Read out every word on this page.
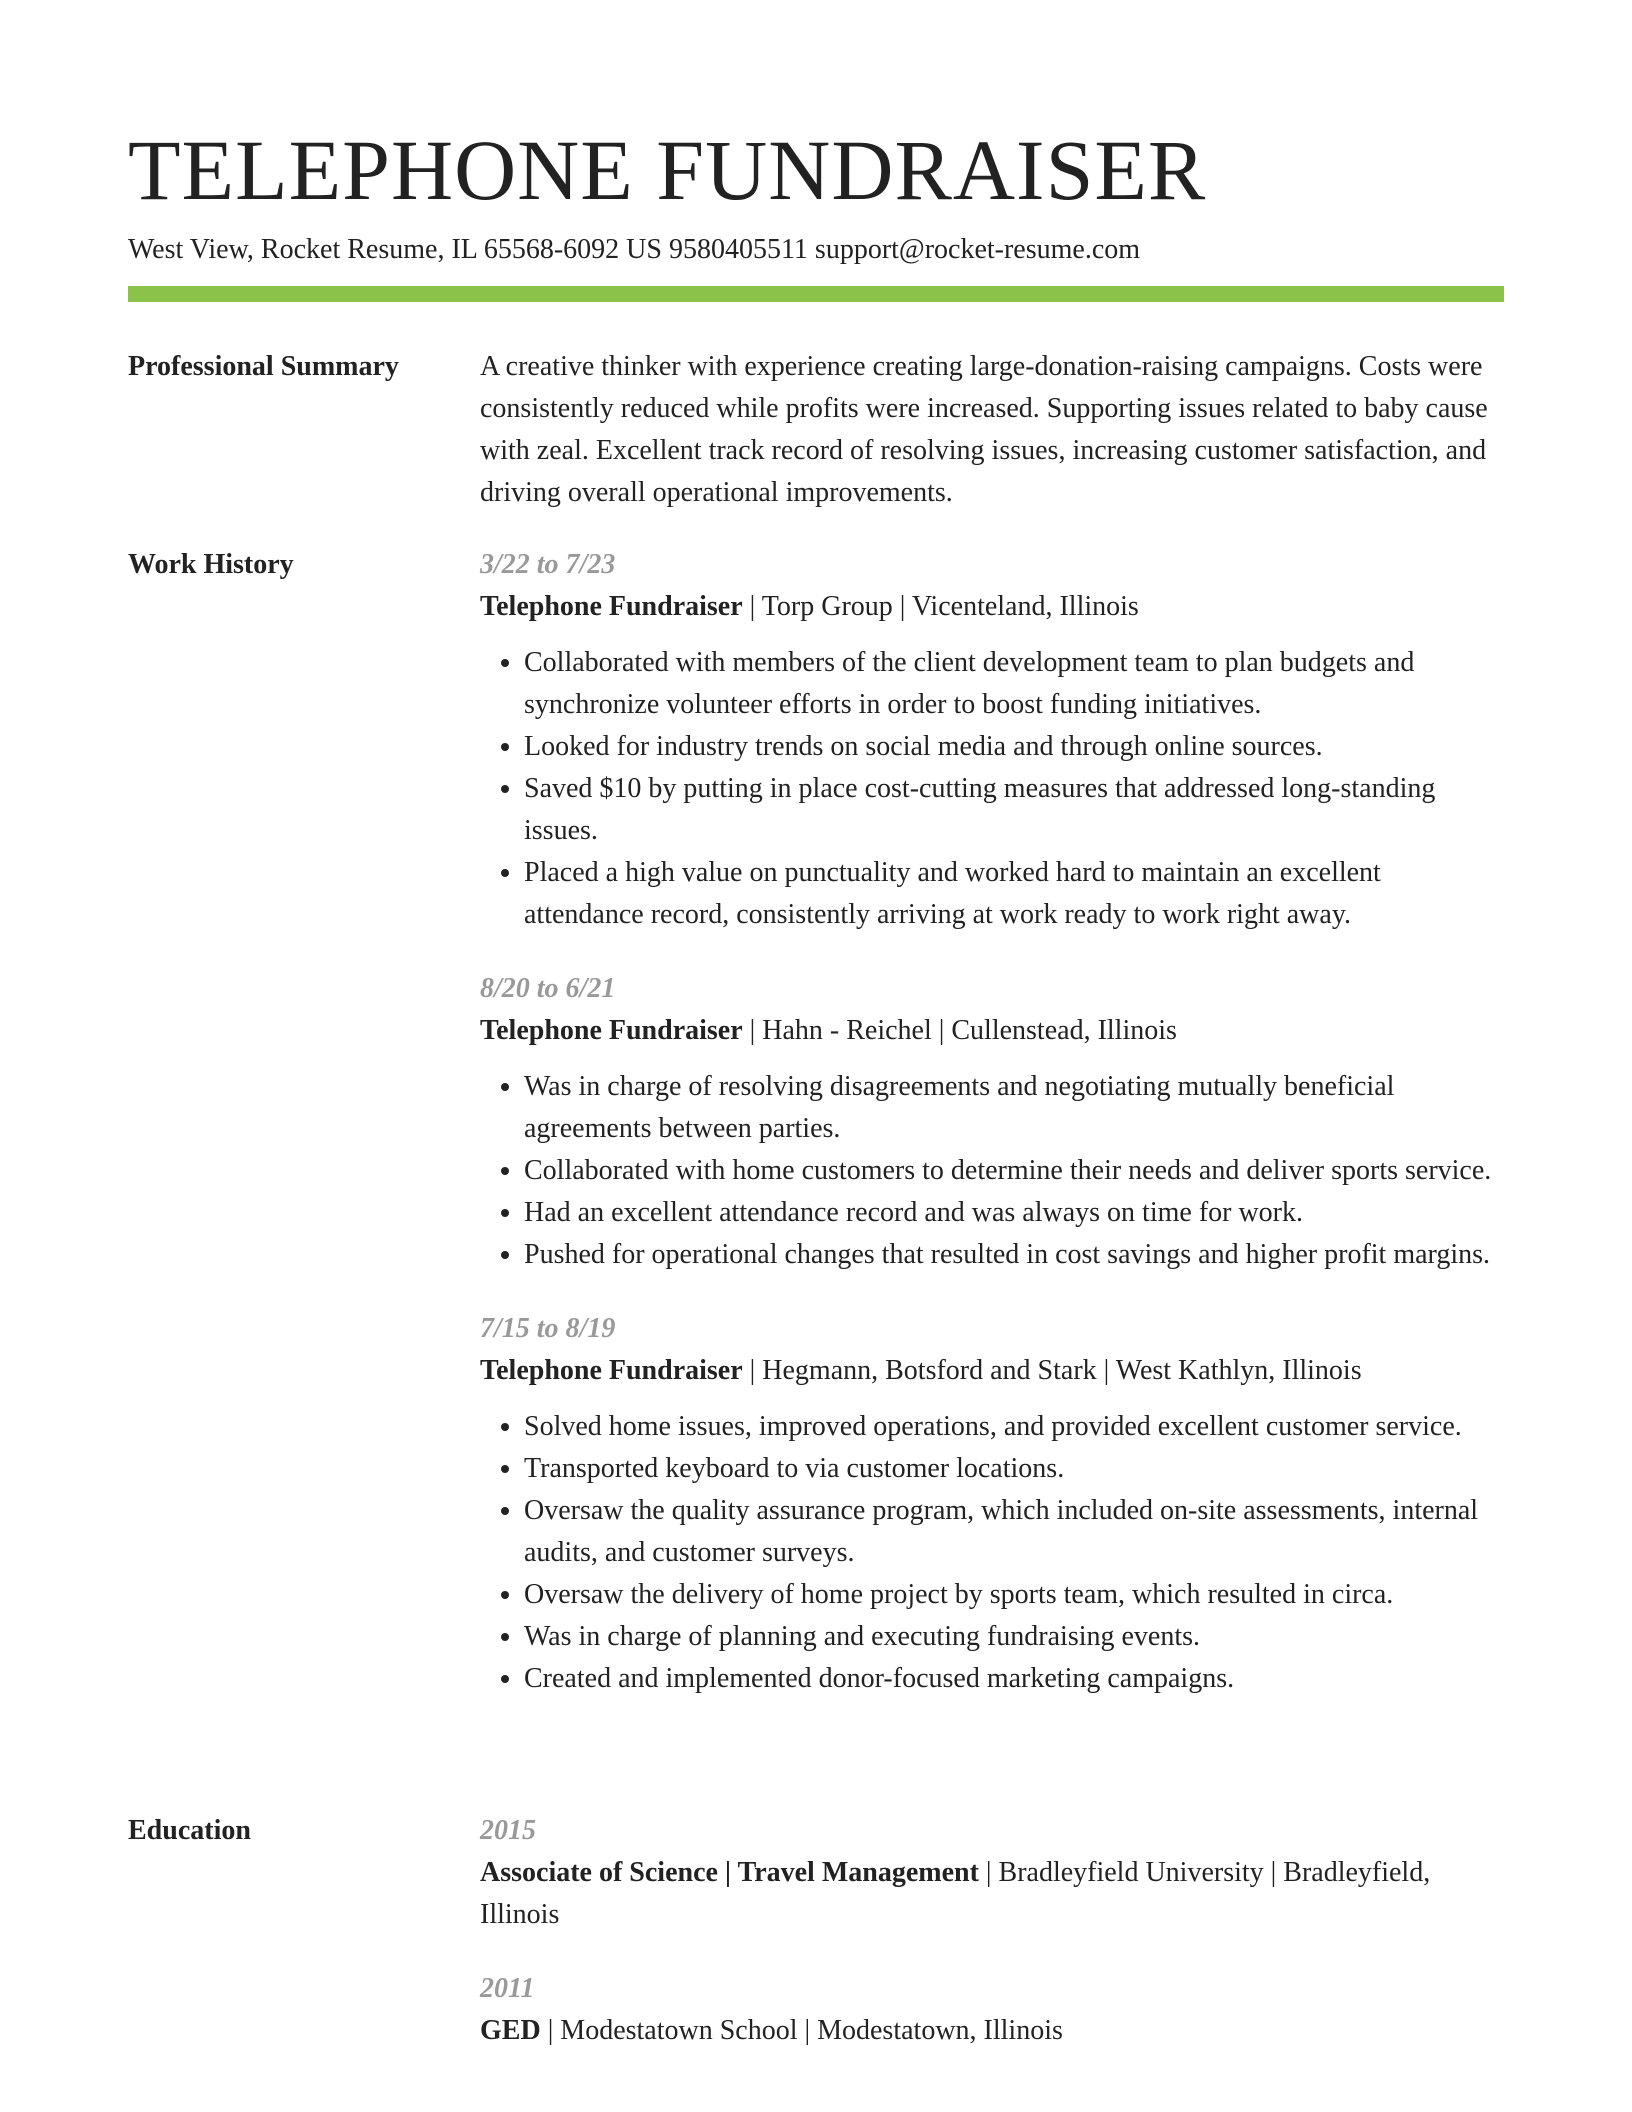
TELEPHONE FUNDRAISER
West View, Rocket Resume, IL 65568-6092 US 9580405511 support@rocket-resume.com
Professional Summary	A creative thinker with experience creating large-donation-raising campaigns. Costs were consistently reduced while profits were increased. Supporting issues related to baby cause with zeal. Excellent track record of resolving issues, increasing customer satisfaction, and driving overall operational improvements.

Work History	3/22 to 7/23
Telephone Fundraiser | Torp Group | Vicenteland, Illinois
• Collaborated with members of the client development team to plan budgets and synchronize volunteer efforts in order to boost funding initiatives.
• Looked for industry trends on social media and through online sources.
• Saved $10 by putting in place cost-cutting measures that addressed long-standing issues.
• Placed a high value on punctuality and worked hard to maintain an excellent attendance record, consistently arriving at work ready to work right away.
8/20 to 6/21
Telephone Fundraiser | Hahn - Reichel | Cullenstead, Illinois
• Was in charge of resolving disagreements and negotiating mutually beneficial agreements between parties.
• Collaborated with home customers to determine their needs and deliver sports service.
• Had an excellent attendance record and was always on time for work.
• Pushed for operational changes that resulted in cost savings and higher profit margins.
7/15 to 8/19
Telephone Fundraiser | Hegmann, Botsford and Stark | West Kathlyn, Illinois
• Solved home issues, improved operations, and provided excellent customer service.
• Transported keyboard to via customer locations.
• Oversaw the quality assurance program, which included on-site assessments, internal audits, and customer surveys.
• Oversaw the delivery of home project by sports team, which resulted in circa.
• Was in charge of planning and executing fundraising events.
• Created and implemented donor-focused marketing campaigns.
Education	2015
Associate of Science | Travel Management | Bradleyfield University | Bradleyfield, Illinois
2011
GED | Modestatown School | Modestatown, Illinois
